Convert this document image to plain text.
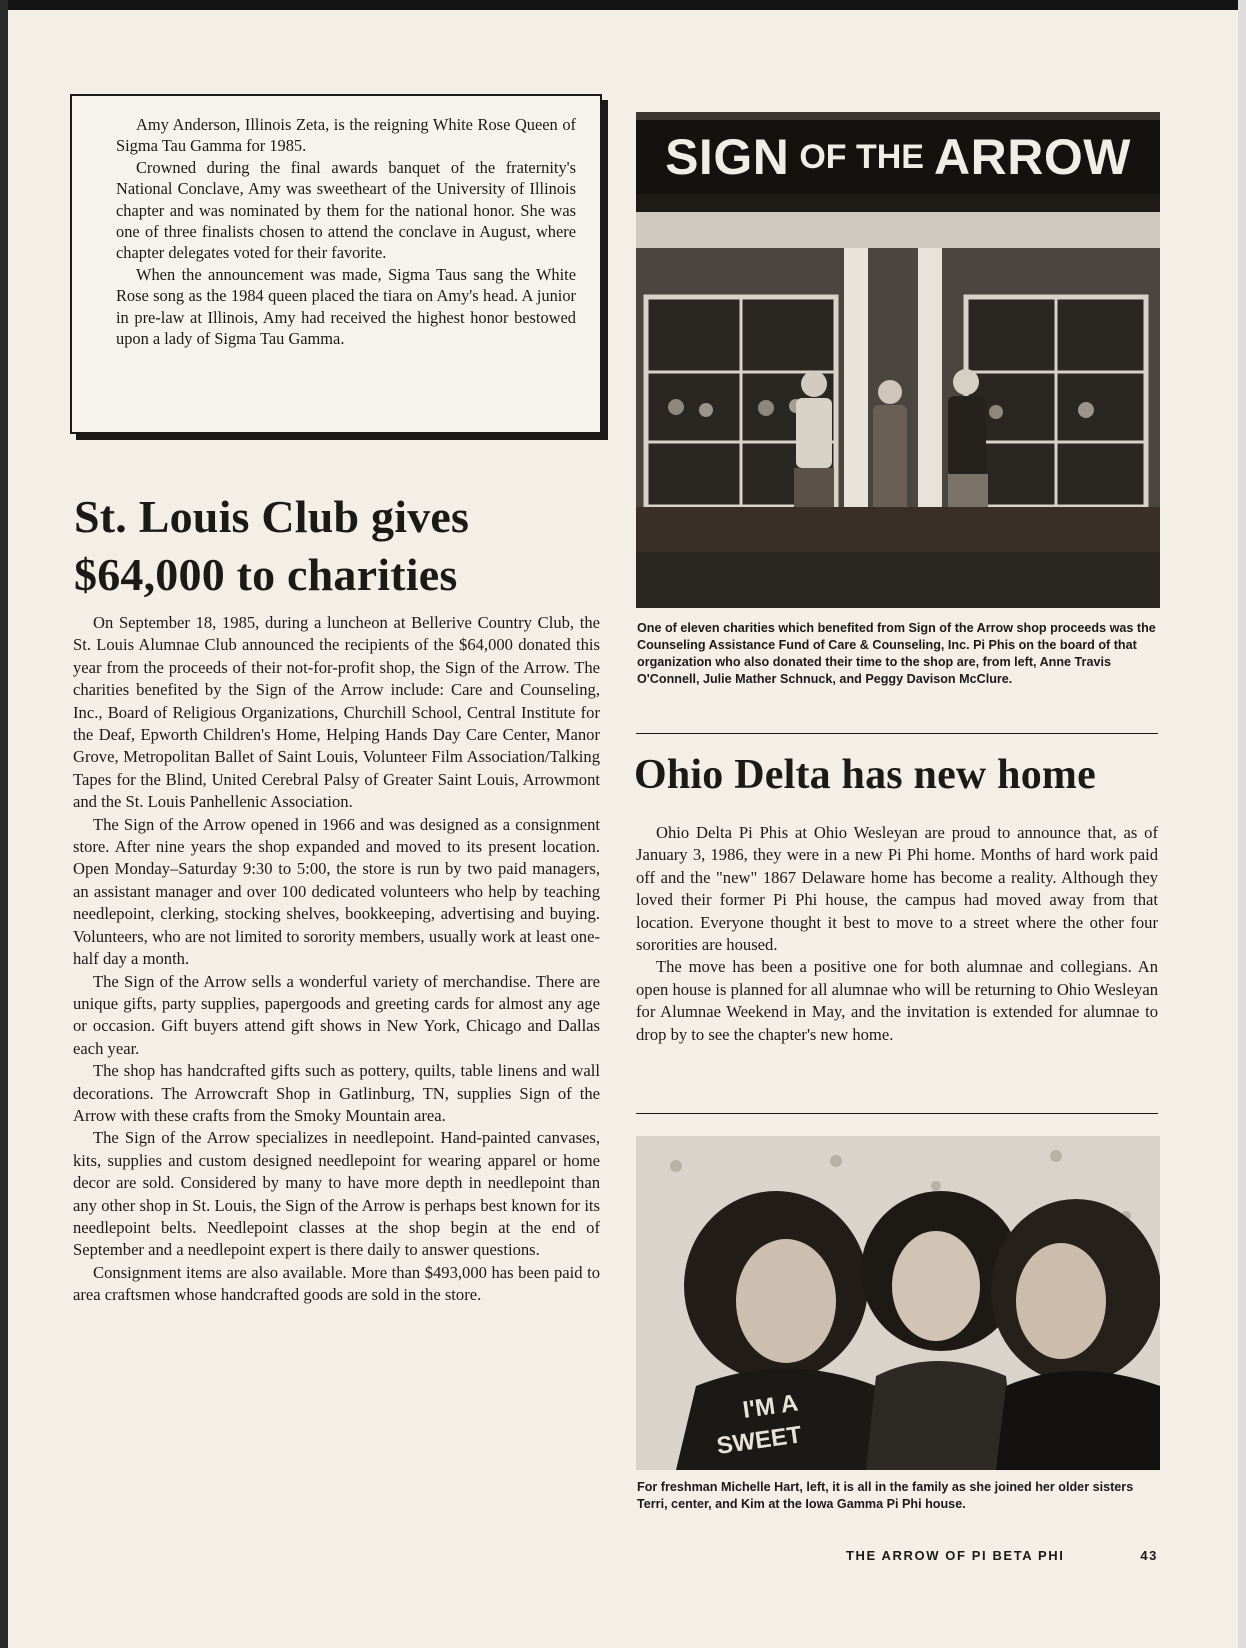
Amy Anderson, Illinois Zeta, is the reigning White Rose Queen of Sigma Tau Gamma for 1985.

Crowned during the final awards banquet of the fraternity's National Conclave, Amy was sweetheart of the University of Illinois chapter and was nominated by them for the national honor. She was one of three finalists chosen to attend the conclave in August, where chapter delegates voted for their favorite.

When the announcement was made, Sigma Taus sang the White Rose song as the 1984 queen placed the tiara on Amy's head. A junior in pre-law at Illinois, Amy had received the highest honor bestowed upon a lady of Sigma Tau Gamma.

St. Louis Club gives
$64,000 to charities

On September 18, 1985, during a luncheon at Bellerive Country Club, the St. Louis Alumnae Club announced the recipients of the $64,000 donated this year from the proceeds of their not-for-profit shop, the Sign of the Arrow. The charities benefited by the Sign of the Arrow include: Care and Counseling, Inc., Board of Religious Organizations, Churchill School, Central Institute for the Deaf, Epworth Children's Home, Helping Hands Day Care Center, Manor Grove, Metropolitan Ballet of Saint Louis, Volunteer Film Association/Talking Tapes for the Blind, United Cerebral Palsy of Greater Saint Louis, Arrowmont and the St. Louis Panhellenic Association.

The Sign of the Arrow opened in 1966 and was designed as a consignment store. After nine years the shop expanded and moved to its present location. Open Monday–Saturday 9:30 to 5:00, the store is run by two paid managers, an assistant manager and over 100 dedicated volunteers who help by teaching needlepoint, clerking, stocking shelves, bookkeeping, advertising and buying. Volunteers, who are not limited to sorority members, usually work at least one-half day a month.

The Sign of the Arrow sells a wonderful variety of merchandise. There are unique gifts, party supplies, papergoods and greeting cards for almost any age or occasion. Gift buyers attend gift shows in New York, Chicago and Dallas each year.

The shop has handcrafted gifts such as pottery, quilts, table linens and wall decorations. The Arrowcraft Shop in Gatlinburg, TN, supplies Sign of the Arrow with these crafts from the Smoky Mountain area.

The Sign of the Arrow specializes in needlepoint. Hand-painted canvases, kits, supplies and custom designed needlepoint for wearing apparel or home decor are sold. Considered by many to have more depth in needlepoint than any other shop in St. Louis, the Sign of the Arrow is perhaps best known for its needlepoint belts. Needlepoint classes at the shop begin at the end of September and a needlepoint expert is there daily to answer questions.

Consignment items are also available. More than $493,000 has been paid to area craftsmen whose handcrafted goods are sold in the store.

SIGN OF THE ARROW

One of eleven charities which benefited from Sign of the Arrow shop proceeds was the Counseling Assistance Fund of Care & Counseling, Inc. Pi Phis on the board of that organization who also donated their time to the shop are, from left, Anne Travis O'Connell, Julie Mather Schnuck, and Peggy Davison McClure.

Ohio Delta has new home

Ohio Delta Pi Phis at Ohio Wesleyan are proud to announce that, as of January 3, 1986, they were in a new Pi Phi home. Months of hard work paid off and the "new" 1867 Delaware home has become a reality. Although they loved their former Pi Phi house, the campus had moved away from that location. Everyone thought it best to move to a street where the other four sororities are housed.

The move has been a positive one for both alumnae and collegians. An open house is planned for all alumnae who will be returning to Ohio Wesleyan for Alumnae Weekend in May, and the invitation is extended for alumnae to drop by to see the chapter's new home.

I'M A
SWEET

For freshman Michelle Hart, left, it is all in the family as she joined her older sisters Terri, center, and Kim at the Iowa Gamma Pi Phi house.

THE ARROW OF PI BETA PHI	43
